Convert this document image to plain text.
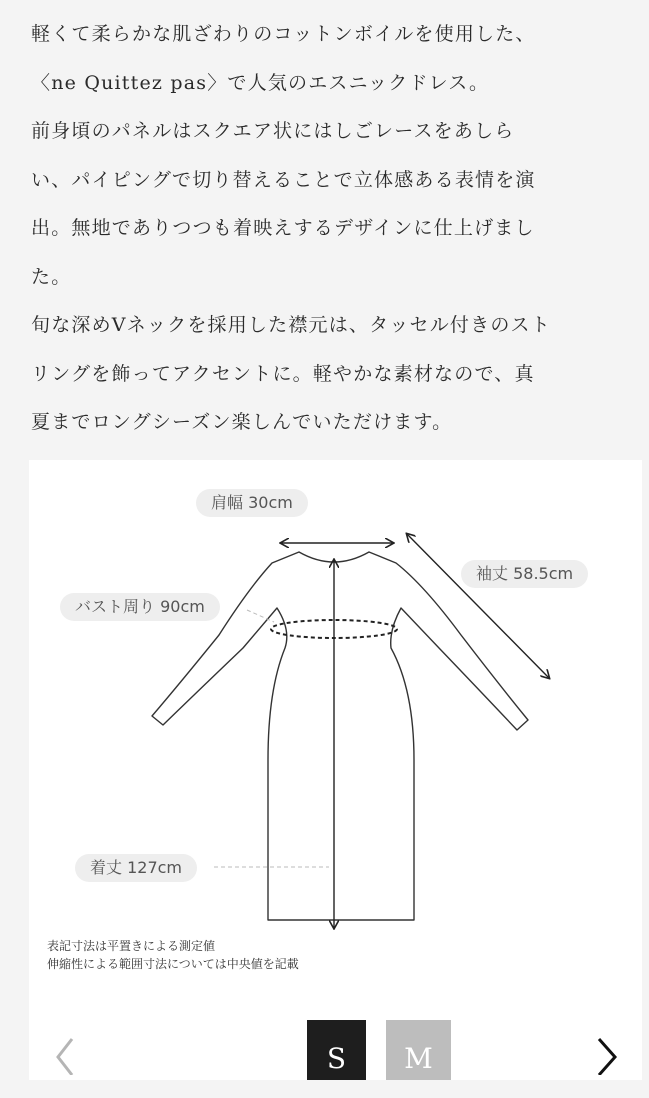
軽くて柔らかな肌ざわりのコットンボイルを使用した、

〈ne Quittez pas〉で人気のエスニックドレス。

前身頃のパネルはスクエア状にはしごレースをあしら

い、パイピングで切り替えることで立体感ある表情を演

出。無地でありつつも着映えするデザインに仕上げまし

た。

旬な深めVネックを採用した襟元は、タッセル付きのスト

リングを飾ってアクセントに。軽やかな素材なので、真

夏までロングシーズン楽しんでいただけます。

肩幅 30cm
袖丈 58.5cm
バスト周り 90cm
着丈 127cm
表記寸法は平置きによる測定値
伸縮性による範囲寸法については中央値を記載
S	M
